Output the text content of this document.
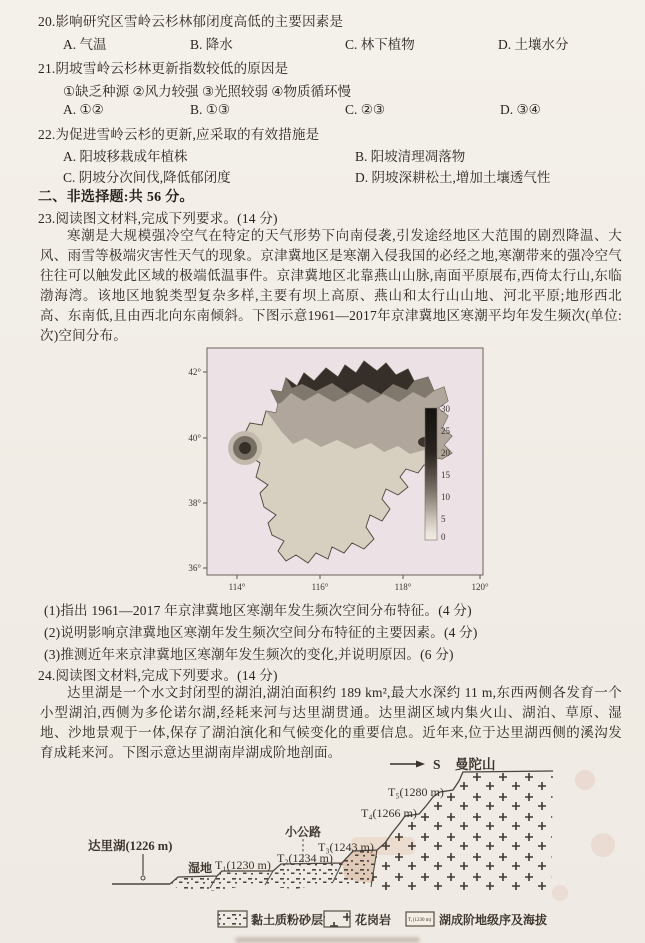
20.影响研究区雪岭云杉林郁闭度高低的主要因素是
A. 气温	B. 降水	C. 林下植物	D. 土壤水分
21.阴坡雪岭云杉林更新指数较低的原因是
①缺乏种源 ②风力较强 ③光照较弱 ④物质循环慢
A. ①②	B. ①③	C. ②③	D. ③④
22.为促进雪岭云杉的更新,应采取的有效措施是
A. 阳坡移栽成年植株	B. 阳坡清理凋落物
C. 阴坡分次间伐,降低郁闭度	D. 阴坡深耕松土,增加土壤透气性
二、非选择题:共 56 分。
23.阅读图文材料,完成下列要求。(14 分)
寒潮是大规模强冷空气在特定的天气形势下向南侵袭,引发途经地区大范围的剧烈降温、大风、雨雪等极端灾害性天气的现象。京津冀地区是寒潮入侵我国的必经之地,寒潮带来的强冷空气往往可以触发此区域的极端低温事件。京津冀地区北靠燕山山脉,南面平原展布,西倚太行山,东临渤海湾。该地区地貌类型复杂多样,主要有坝上高原、燕山和太行山山地、河北平原;地形西北高、东南低,且由西北向东南倾斜。下图示意1961—2017年京津冀地区寒潮平均年发生频次(单位:次)空间分布。
30
25
20
15
10
5
0
42°
40°
38°
36°
114°	116°	118°	120°
(1)指出 1961—2017 年京津冀地区寒潮年发生频次空间分布特征。(4 分)
(2)说明影响京津冀地区寒潮年发生频次空间分布特征的主要因素。(4 分)
(3)推测近年来京津冀地区寒潮年发生频次的变化,并说明原因。(6 分)
24.阅读图文材料,完成下列要求。(14 分)
达里湖是一个水文封闭型的湖泊,湖泊面积约 189 km²,最大水深约 11 m,东西两侧各发育一个小型湖泊,西侧为多伦诺尔湖,经耗来河与达里湖贯通。达里湖区域内集火山、湖泊、草原、湿地、沙地景观于一体,保存了湖泊演化和气候变化的重要信息。近年来,位于达里湖西侧的溪沟发育成耗来河。下图示意达里湖南岸湖成阶地剖面。
达里湖(1226 m)
小公路
湿地 T₁(1230 m) T₂(1234 m)
T₃(1243 m)
T₄(1266 m)
T₅(1280 m)
S 曼陀山
黏土质粉砂层	花岗岩	T₁(1230 m) 湖成阶地级序及海拔
